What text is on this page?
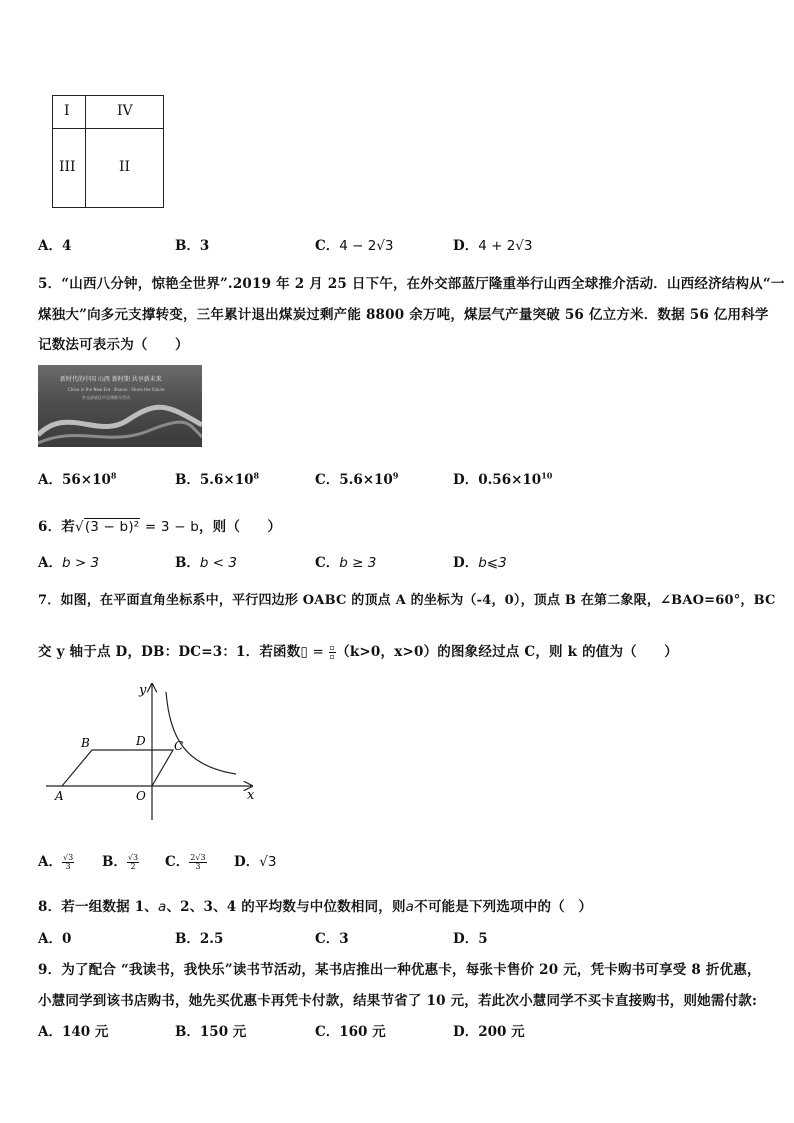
I	IV
III	II
A．4	B．3	C．4 − 2√3	D．4 + 2√3
5．“山西八分钟，惊艳全世界”.2019 年 2 月 25 日下午，在外交部蓝厅隆重举行山西全球推介活动．山西经济结构从“一
煤独大”向多元支撑转变，三年累计退出煤炭过剩产能 8800 余万吨，煤层气产量突破 56 亿立方米．数据 56 亿用科学
记数法可表示为（　　）
新时代的中国 山西 新时期 共享新未来
China in the New Era · Shanxi · Share the Future
外交部省区市全球推介活动
A．$56\times 10^8$	B．$5.6\times 10^8$	C．$5.6\times 10^9$	D．$0.56\times 10^{10}$
6．若√(3 − b)² = 3 − b，则（　　）
A．b > 3	B．b < 3	C．b ≥ 3	D．b⩽3
7．如图，在平面直角坐标系中，平行四边形 OABC 的顶点 A 的坐标为（-4，0），顶点 B 在第二象限，∠BAO=60°，BC
交 y 轴于点 D，DB：DC=3：1．若函数▯ = $\frac{▫}{▫} (k>0$，x>0）的图象经过点 C，则 k 的值为（　　）
y
x
B	D C
A	O
A． $\frac{√3}{3}$ B． $\frac{√3}{2}$ C． $\frac{2√3}{3}$ D．√3
8．若一组数据 1、a、2、3、4 的平均数与中位数相同，则a不可能是下列选项中的（　）
A．0	B．2.5	C．3	D．5
9．为了配合 “我读书，我快乐”读书节活动，某书店推出一种优惠卡，每张卡售价 20 元，凭卡购书可享受 8 折优惠，
小慧同学到该书店购书，她先买优惠卡再凭卡付款，结果节省了 10 元，若此次小慧同学不买卡直接购书，则她需付款:
A．140 元	B．150 元	C．160 元	D．200 元
